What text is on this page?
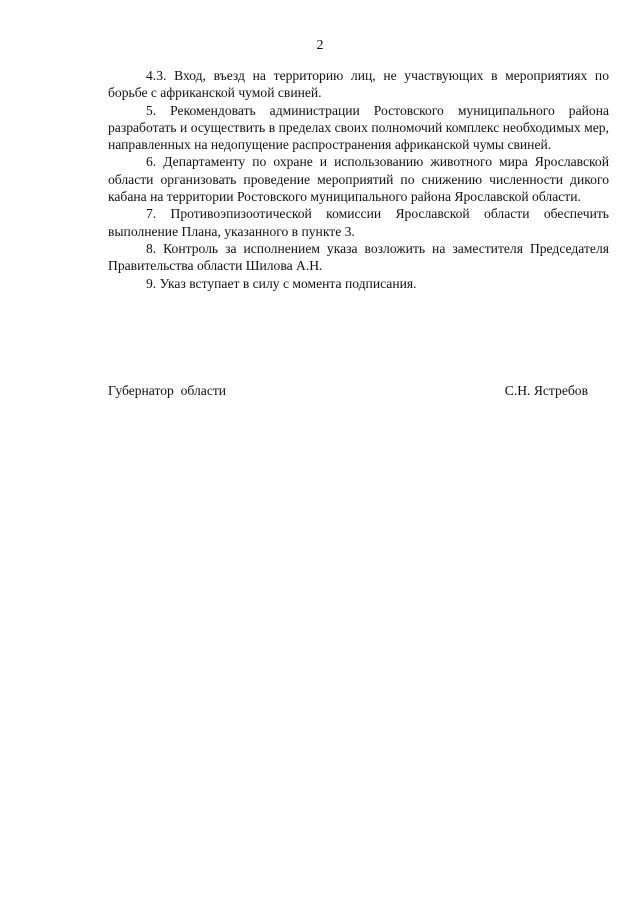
2

4.3. Вход, въезд на территорию лиц, не участвующих в мероприятиях по борьбе с африканской чумой свиней.

5. Рекомендовать администрации Ростовского муниципального района разработать и осуществить в пределах своих полномочий комплекс необходимых мер, направленных на недопущение распространения африканской чумы свиней.

6. Департаменту по охране и использованию животного мира Ярославской области организовать проведение мероприятий по снижению численности дикого кабана на территории Ростовского муниципального района Ярославской области.

7. Противоэпизоотической комиссии Ярославской области обеспечить выполнение Плана, указанного в пункте 3.

8. Контроль за исполнением указа возложить на заместителя Председателя Правительства области Шилова А.Н.

9. Указ вступает в силу с момента подписания.

Губернатор  области	С.Н. Ястребов
